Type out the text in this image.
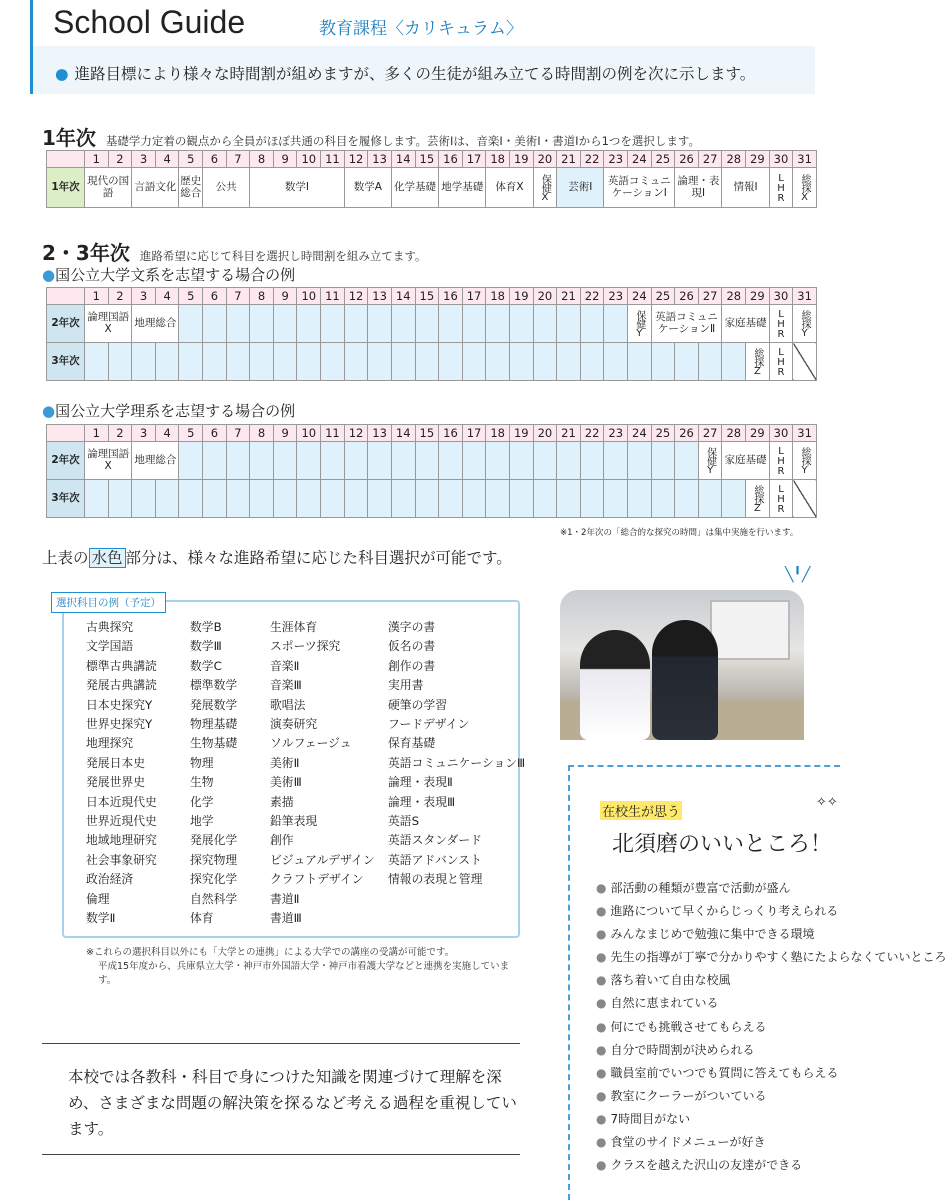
School Guide	教育課程〈カリキュラム〉
● 進路目標により様々な時間割が組めますが、多くの生徒が組み立てる時間割の例を次に示します。
1年次 基礎学力定着の観点から全員がほぼ共通の科目を履修します。芸術Ⅰは、音楽Ⅰ・美術Ⅰ・書道Ⅰから1つを選択します。
	1	2	3	4	5	6	7	8	9	10	11	12	13	14	15	16	17	18	19	20	21	22	23	24	25	26	27	28	29	30	31
1年次	現代の国語		言語文化		歴史総合	公共		数学Ⅰ				数学A		化学基礎		地学基礎		体育X		保健X	芸術Ⅰ		英語コミュニケーションⅠ			論理・表現Ⅰ		情報Ⅰ		LHR	総探X
2・3年次 進路希望に応じて科目を選択し時間割を組み立てます。
●国公立大学文系を志望する場合の例
	1	2	3	4	5	6	7	8	9	10	11	12	13	14	15	16	17	18	19	20	21	22	23	24	25	26	27	28	29	30	31
2年次	論理国語X		地理総合																					保健Y	英語コミュニケーションⅡ			家庭基礎		LHR	総探Y
3年次																													総探Z	LHR	
●国公立大学理系を志望する場合の例
	1	2	3	4	5	6	7	8	9	10	11	12	13	14	15	16	17	18	19	20	21	22	23	24	25	26	27	28	29	30	31
2年次	論理国語X		地理総合																								保健Y	家庭基礎		LHR	総探Y
3年次																													総探Z	LHR	
※1・2年次の「総合的な探究の時間」は集中実施を行います。
上表の 水色 部分は、様々な進路希望に応じた科目選択が可能です。
選択科目の例（予定）
古典探究
文学国語
標準古典講読
発展古典講読
日本史探究Y
世界史探究Y
地理探究
発展日本史
発展世界史
日本近現代史
世界近現代史
地域地理研究
社会事象研究
政治経済
倫理
数学Ⅱ
数学B
数学Ⅲ
数学C
標準数学
発展数学
物理基礎
生物基礎
物理
生物
化学
地学
発展化学
探究物理
探究化学
自然科学
体育
生涯体育
スポーツ探究
音楽Ⅱ
音楽Ⅲ
歌唱法
演奏研究
ソルフェージュ
美術Ⅱ
美術Ⅲ
素描
鉛筆表現
創作
ビジュアルデザイン
クラフトデザイン
書道Ⅱ
書道Ⅲ
漢字の書
仮名の書
創作の書
実用書
硬筆の学習
フードデザイン
保育基礎
英語コミュニケーションⅢ
論理・表現Ⅱ
論理・表現Ⅲ
英語S
英語スタンダード
英語アドバンスト
情報の表現と管理
※これらの選択科目以外にも「大学との連携」による大学での講座の受講が可能です。
平成15年度から、兵庫県立大学・神戸市外国語大学・神戸市看護大学などと連携を実施しています。
╲╹╱
本校では各教科・科目で身につけた知識を関連づけて理解を深め、さまざまな問題の解決策を探るなど考える過程を重視しています。
在校生が思う
北須磨のいいところ！
✧✧
● 部活動の種類が豊富で活動が盛ん
● 進路について早くからじっくり考えられる
● みんなまじめで勉強に集中できる環境
● 先生の指導が丁寧で分かりやすく塾にたよらなくていいところ
● 落ち着いて自由な校風
● 自然に恵まれている
● 何にでも挑戦させてもらえる
● 自分で時間割が決められる
● 職員室前でいつでも質問に答えてもらえる
● 教室にクーラーがついている
● 7時間目がない
● 食堂のサイドメニューが好き
● クラスを越えた沢山の友達ができる
